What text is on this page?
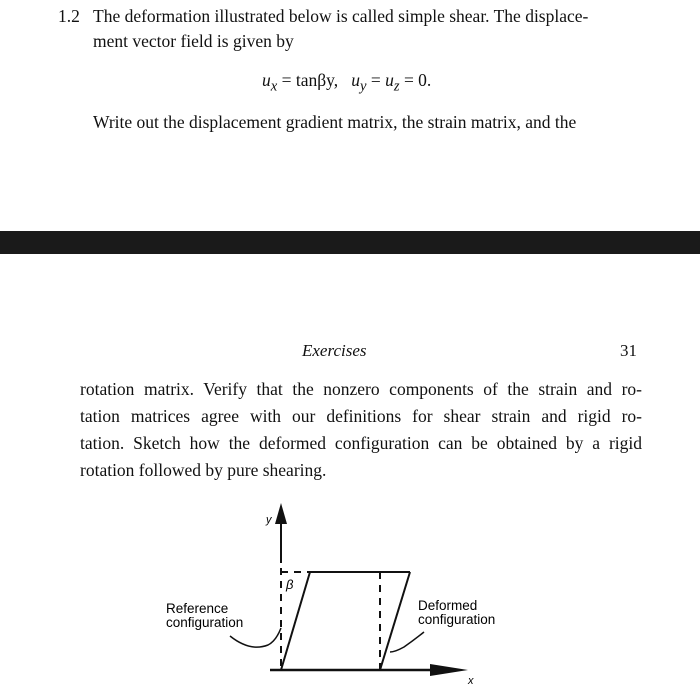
1.2 The deformation illustrated below is called simple shear. The displace-
ment vector field is given by
$u_x = \tan\beta y$, $u_y = u_z = 0$.
Write out the displacement gradient matrix, the strain matrix, and the
Exercises	31
rotation matrix. Verify that the nonzero components of the strain and ro-
tation matrices agree with our definitions for shear strain and rigid ro-
tation. Sketch how the deformed configuration can be obtained by a rigid
rotation followed by pure shearing.
y
x
β
Reference
configuration
Deformed
configuration
